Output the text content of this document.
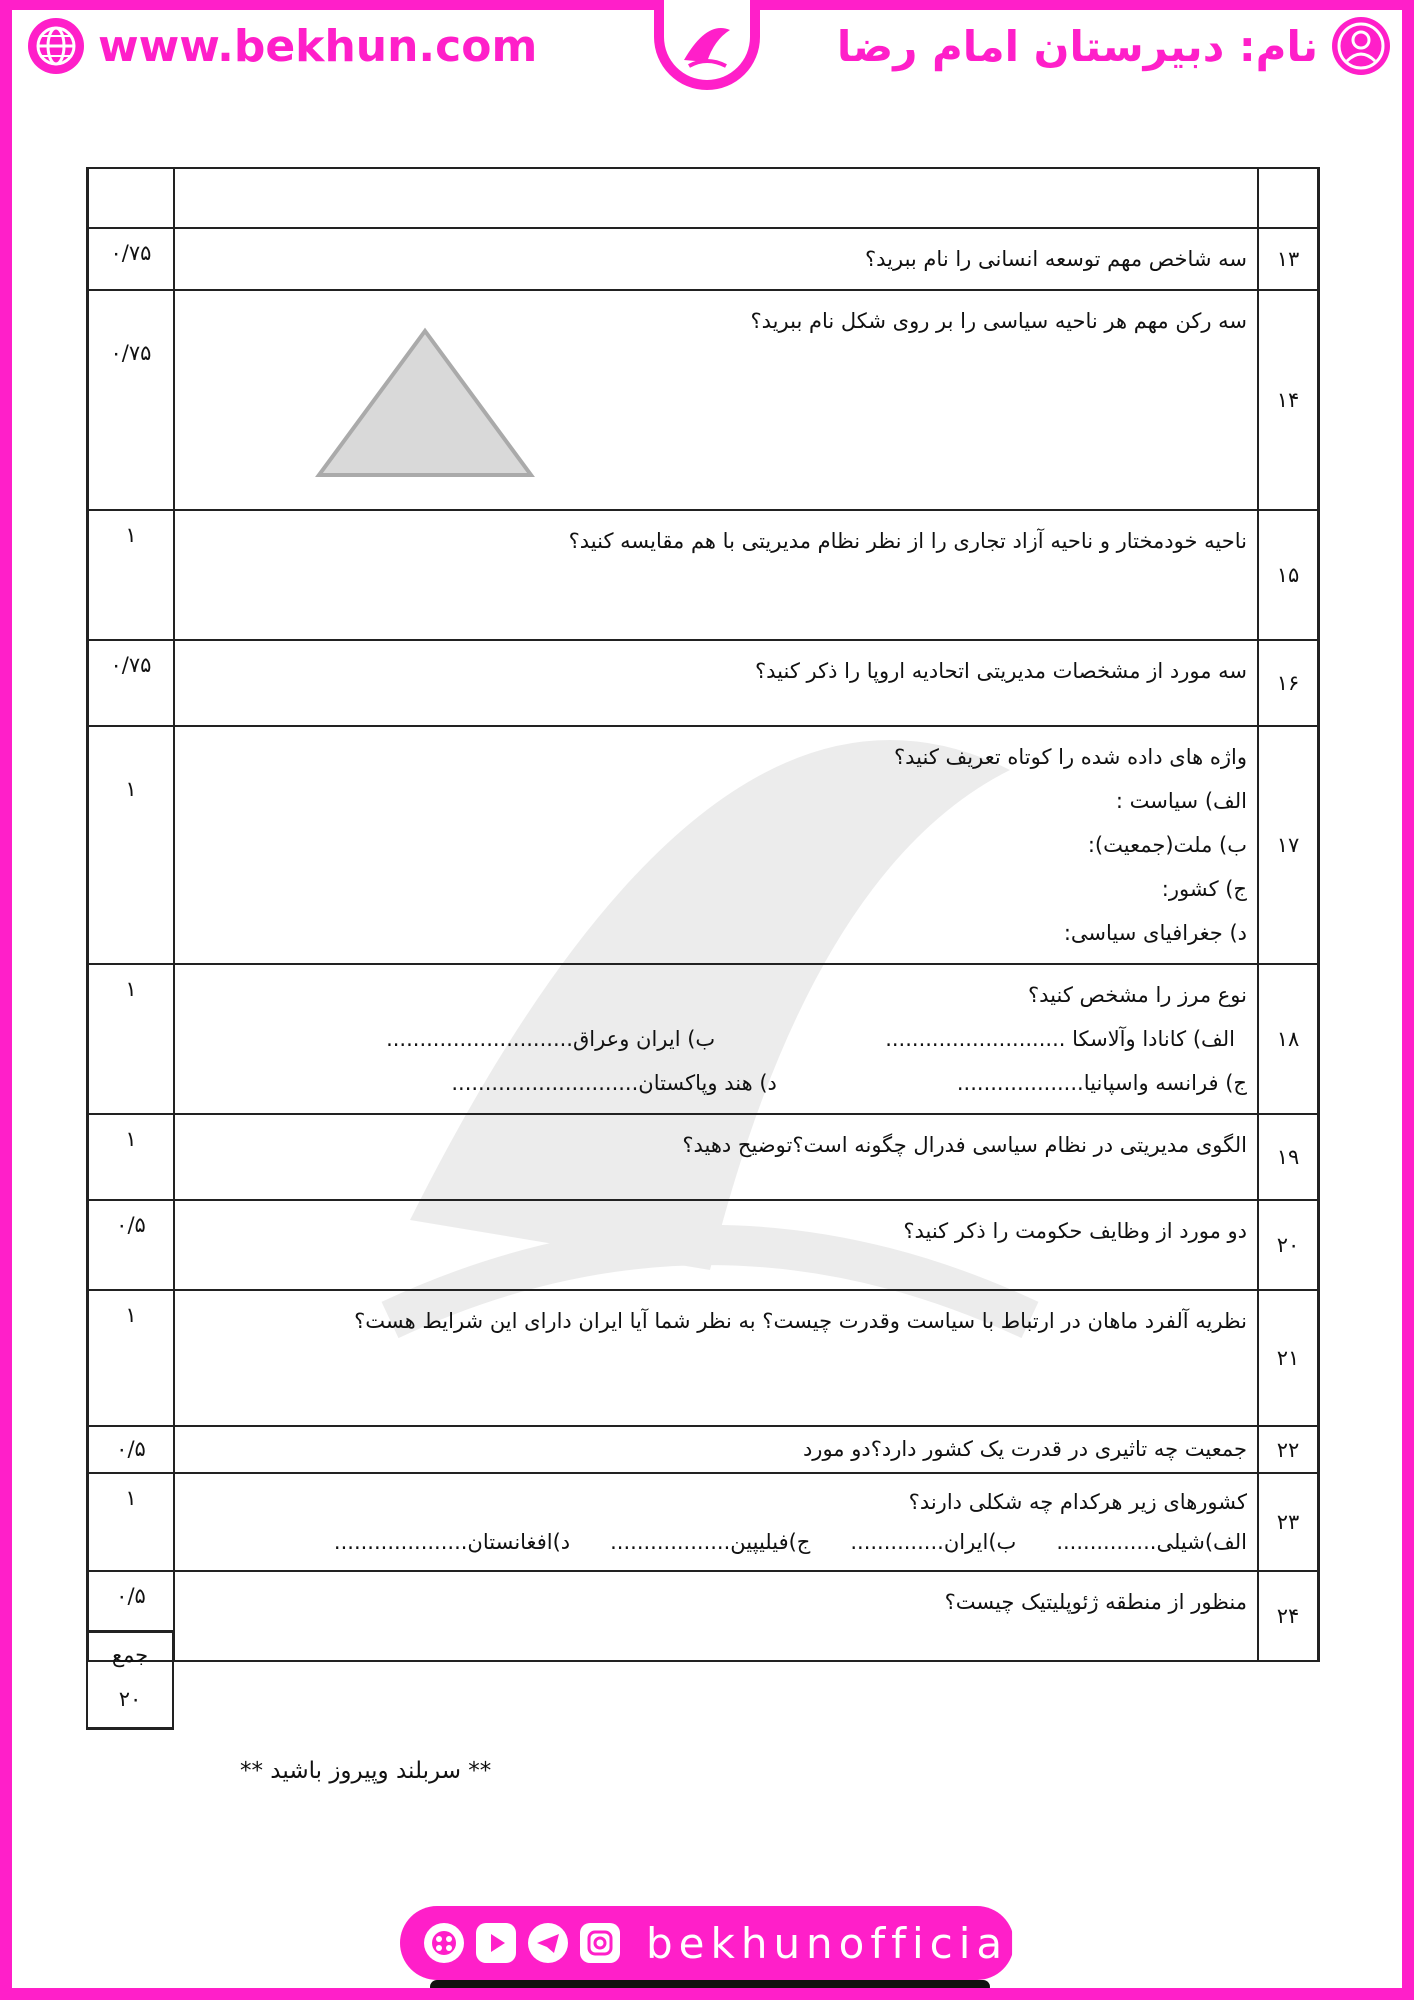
www.bekhun.com	نام: دبیرستان امام رضا

۱۳	سه شاخص مهم توسعه انسانی را نام ببرید؟	۰/۷۵
۱۴	سه رکن مهم هر ناحیه سیاسی را بر روی شکل نام ببرید؟	۰/۷۵
۱۵	ناحیه خودمختار و ناحیه آزاد تجاری را از نظر نظام مدیریتی با هم مقایسه کنید؟	۱
۱۶	سه مورد از مشخصات مدیریتی اتحادیه اروپا را ذکر کنید؟	۰/۷۵
۱۷	واژه های داده شده را کوتاه تعریف کنید؟
الف) سیاست :
ب) ملت(جمعیت):
ج) کشور:
د) جغرافیای سیاسی:	۱
۱۸	نوع مرز را مشخص کنید؟
الف) کانادا وآلاسکا ...........................
ب) ایران وعراق............................
ج) فرانسه واسپانیا...................
د) هند وپاکستان............................	۱
۱۹	الگوی مدیریتی در نظام سیاسی فدرال چگونه است؟توضیح دهید؟	۱
۲۰	دو مورد از وظایف حکومت را ذکر کنید؟	۰/۵
۲۱	نظریه آلفرد ماهان در ارتباط با سیاست وقدرت چیست؟ به نظر شما آیا ایران دارای این شرایط هست؟	۱
۲۲	جمعیت چه تاثیری در قدرت یک کشور دارد؟دو مورد	۰/۵
۲۳	کشورهای زیر هرکدام چه شکلی دارند؟
الف)شیلی...............
ب)ایران..............
ج)فیلیپین..................
د)افغانستان....................	۱
۲۴	منظور از منطقه ژئوپلیتیک چیست؟	۰/۵
جمع
۲۰
** سربلند وپیروز باشید **
bekhunofficial
